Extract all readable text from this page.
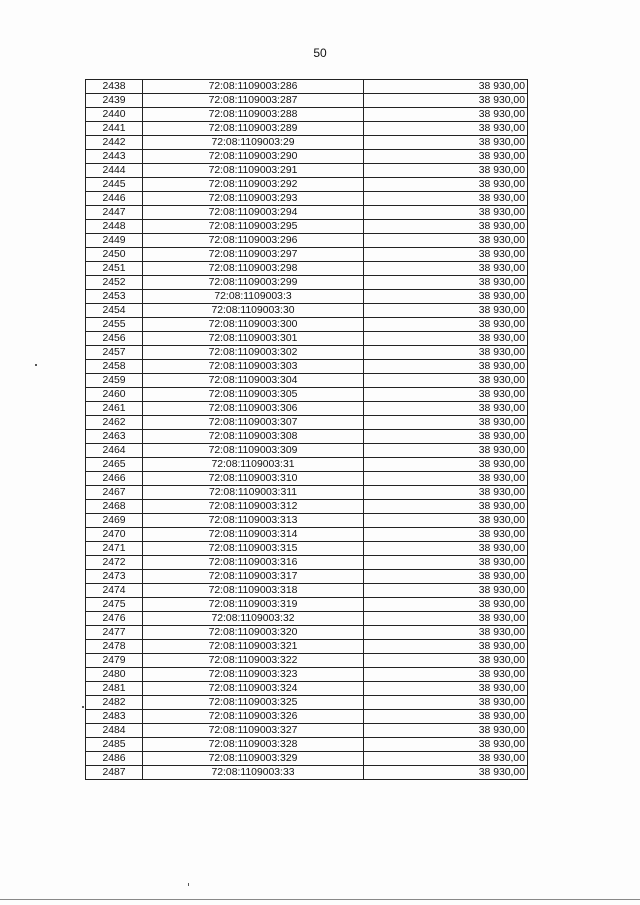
50
2438	72:08:1109003:286	38 930,00
2439	72:08:1109003:287	38 930,00
2440	72:08:1109003:288	38 930,00
2441	72:08:1109003:289	38 930,00
2442	72:08:1109003:29	38 930,00
2443	72:08:1109003:290	38 930,00
2444	72:08:1109003:291	38 930,00
2445	72:08:1109003:292	38 930,00
2446	72:08:1109003:293	38 930,00
2447	72:08:1109003:294	38 930,00
2448	72:08:1109003:295	38 930,00
2449	72:08:1109003:296	38 930,00
2450	72:08:1109003:297	38 930,00
2451	72:08:1109003:298	38 930,00
2452	72:08:1109003:299	38 930,00
2453	72:08:1109003:3	38 930,00
2454	72:08:1109003:30	38 930,00
2455	72:08:1109003:300	38 930,00
2456	72:08:1109003:301	38 930,00
2457	72:08:1109003:302	38 930,00
2458	72:08:1109003:303	38 930,00
2459	72:08:1109003:304	38 930,00
2460	72:08:1109003:305	38 930,00
2461	72:08:1109003:306	38 930,00
2462	72:08:1109003:307	38 930,00
2463	72:08:1109003:308	38 930,00
2464	72:08:1109003:309	38 930,00
2465	72:08:1109003:31	38 930,00
2466	72:08:1109003:310	38 930,00
2467	72:08:1109003:311	38 930,00
2468	72:08:1109003:312	38 930,00
2469	72:08:1109003:313	38 930,00
2470	72:08:1109003:314	38 930,00
2471	72:08:1109003:315	38 930,00
2472	72:08:1109003:316	38 930,00
2473	72:08:1109003:317	38 930,00
2474	72:08:1109003:318	38 930,00
2475	72:08:1109003:319	38 930,00
2476	72:08:1109003:32	38 930,00
2477	72:08:1109003:320	38 930,00
2478	72:08:1109003:321	38 930,00
2479	72:08:1109003:322	38 930,00
2480	72:08:1109003:323	38 930,00
2481	72:08:1109003:324	38 930,00
2482	72:08:1109003:325	38 930,00
2483	72:08:1109003:326	38 930,00
2484	72:08:1109003:327	38 930,00
2485	72:08:1109003:328	38 930,00
2486	72:08:1109003:329	38 930,00
2487	72:08:1109003:33	38 930,00
